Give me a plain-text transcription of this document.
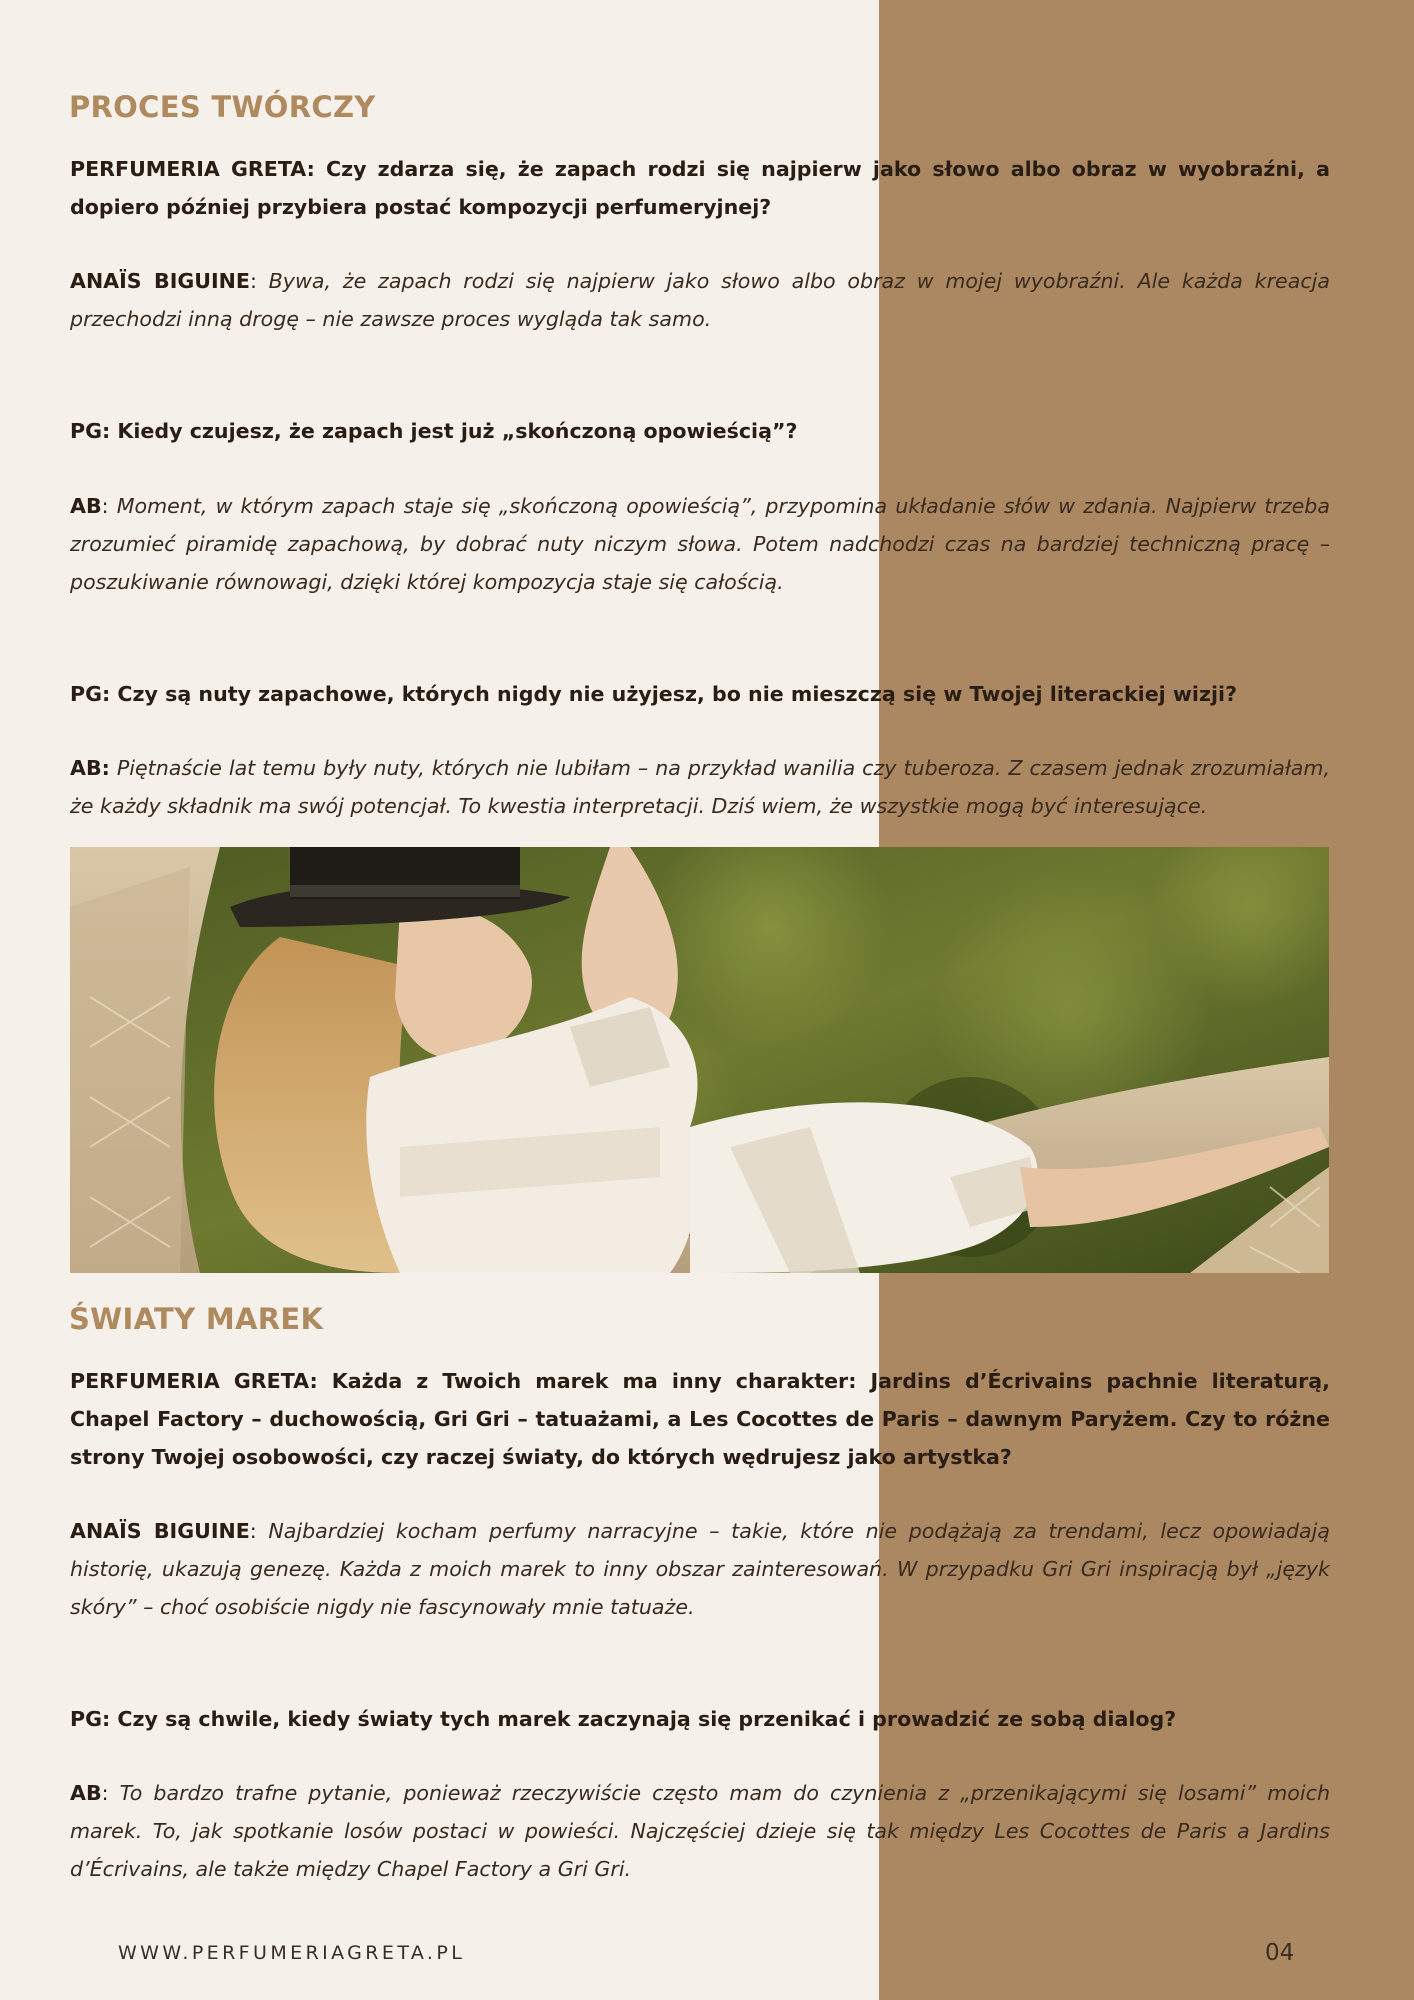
PROCES TWÓRCZY

PERFUMERIA GRETA: Czy zdarza się, że zapach rodzi się najpierw jako słowo albo obraz w wyobraźni, a dopiero później przybiera postać kompozycji perfumeryjnej?

ANAÏS BIGUINE: Bywa, że zapach rodzi się najpierw jako słowo albo obraz w mojej wyobraźni. Ale każda kreacja przechodzi inną drogę – nie zawsze proces wygląda tak samo.

PG: Kiedy czujesz, że zapach jest już „skończoną opowieścią”?

AB: Moment, w którym zapach staje się „skończoną opowieścią”, przypomina układanie słów w zdania. Najpierw trzeba zrozumieć piramidę zapachową, by dobrać nuty niczym słowa. Potem nadchodzi czas na bardziej techniczną pracę – poszukiwanie równowagi, dzięki której kompozycja staje się całością.

PG: Czy są nuty zapachowe, których nigdy nie użyjesz, bo nie mieszczą się w Twojej literackiej wizji?

AB: Piętnaście lat temu były nuty, których nie lubiłam – na przykład wanilia czy tuberoza. Z czasem jednak zrozumiałam, że każdy składnik ma swój potencjał. To kwestia interpretacji. Dziś wiem, że wszystkie mogą być interesujące.

ŚWIATY MAREK

PERFUMERIA GRETA: Każda z Twoich marek ma inny charakter: Jardins d’Écrivains pachnie literaturą, Chapel Factory – duchowością, Gri Gri – tatuażami, a Les Cocottes de Paris – dawnym Paryżem. Czy to różne strony Twojej osobowości, czy raczej światy, do których wędrujesz jako artystka?

ANAÏS BIGUINE: Najbardziej kocham perfumy narracyjne – takie, które nie podążają za trendami, lecz opowiadają historię, ukazują genezę. Każda z moich marek to inny obszar zainteresowań. W przypadku Gri Gri inspiracją był „język skóry” – choć osobiście nigdy nie fascynowały mnie tatuaże.

PG: Czy są chwile, kiedy światy tych marek zaczynają się przenikać i prowadzić ze sobą dialog?

AB: To bardzo trafne pytanie, ponieważ rzeczywiście często mam do czynienia z „przenikającymi się losami” moich marek. To, jak spotkanie losów postaci w powieści. Najczęściej dzieje się tak między Les Cocottes de Paris a Jardins d’Écrivains, ale także między Chapel Factory a Gri Gri.

WWW.PERFUMERIAGRETA.PL	04
